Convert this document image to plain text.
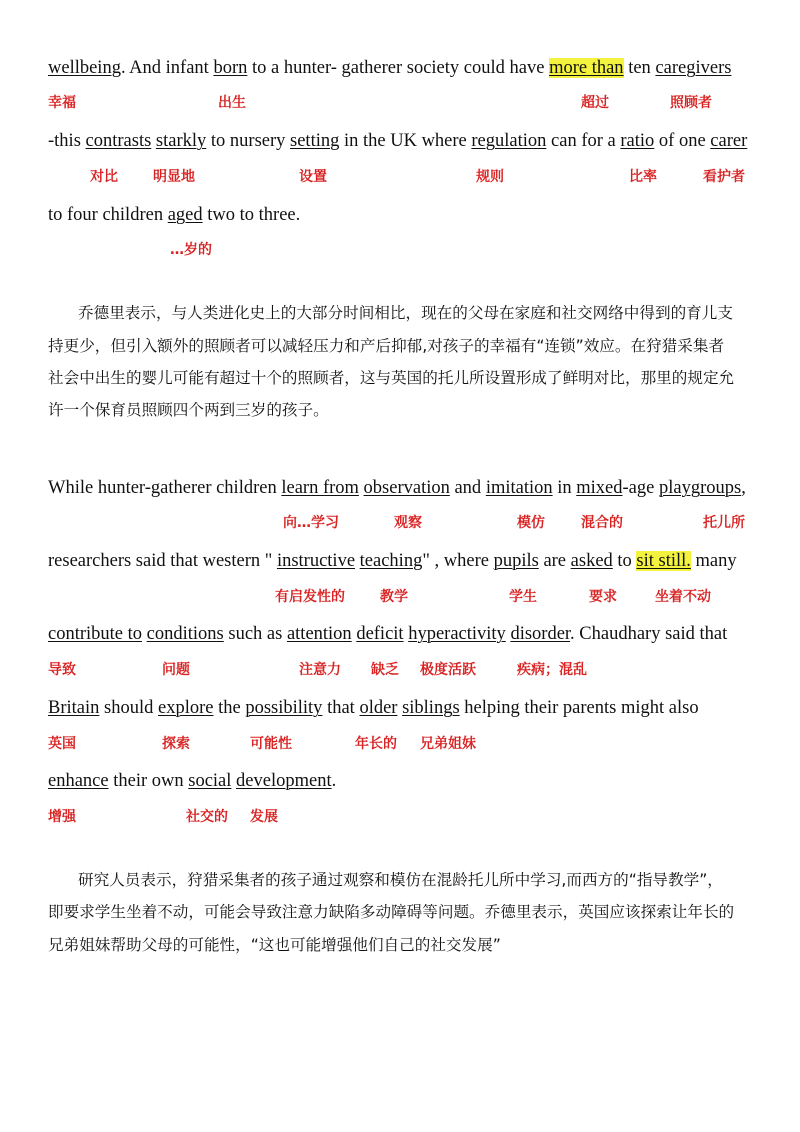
wellbeing. And infant born to a hunter- gatherer society could have more than ten caregivers
幸福	出生	超过	照顾者
-this contrasts starkly to nursery setting in the UK where regulation can for a ratio of one carer
对比	明显地	设置	规则	比率	看护者
to four children aged two to three.
…岁的
乔德里表示，与人类进化史上的大部分时间相比，现在的父母在家庭和社交网络中得到的育儿支
持更少，但引入额外的照顾者可以减轻压力和产后抑郁,对孩子的幸福有“连锁”效应。在狩猎采集者
社会中出生的婴儿可能有超过十个的照顾者，这与英国的托儿所设置形成了鲜明对比，那里的规定允
许一个保育员照顾四个两到三岁的孩子。
While hunter-gatherer children learn from observation and imitation in mixed-age playgroups,
向…学习	观察	模仿	混合的	托儿所
researchers said that western " instructive teaching" , where pupils are asked to sit still. many
有启发性的	教学	学生	要求	坐着不动
contribute to conditions such as attention deficit hyperactivity disorder. Chaudhary said that
导致	问题	注意力 缺乏 极度活跃	疾病；混乱
Britain should explore the possibility that older siblings helping their parents might also
英国	探索	可能性	年长的 兄弟姐妹
enhance their own social development.
增强	社交的 发展
研究人员表示，狩猎采集者的孩子通过观察和模仿在混龄托儿所中学习,而西方的“指导教学”，
即要求学生坐着不动，可能会导致注意力缺陷多动障碍等问题。乔德里表示，英国应该探索让年长的
兄弟姐妹帮助父母的可能性，“这也可能增强他们自己的社交发展”
